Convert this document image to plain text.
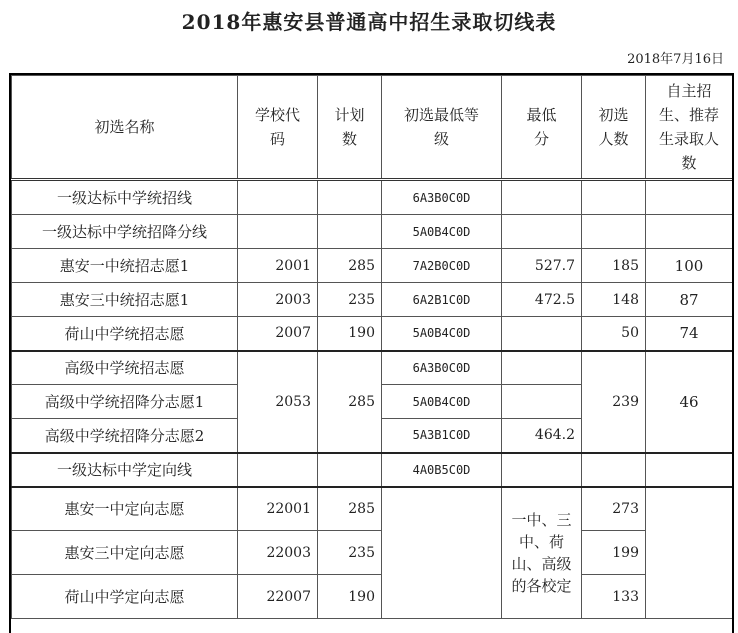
2018年惠安县普通高中招生录取切线表
2018年7月16日
初选名称	学校代码	计划数	初选最低等级	最低分	初选人数	自主招生、推荐生录取人数
一级达标中学统招线			6A3B0C0D			
一级达标中学统招降分线			5A0B4C0D			
惠安一中统招志愿1	2001	285	7A2B0C0D	527.7	185	100
惠安三中统招志愿1	2003	235	6A2B1C0D	472.5	148	87
荷山中学统招志愿	2007	190	5A0B4C0D		50	74
高级中学统招志愿	2053	285	6A3B0C0D		239	46
高级中学统招降分志愿1			5A0B4C0D			
高级中学统招降分志愿2			5A3B1C0D	464.2		
一级达标中学定向线			4A0B5C0D			
惠安一中定向志愿	22001	285		一中、三中、荷山、高级的各校定	273	
惠安三中定向志愿	22003	235			199	
荷山中学定向志愿	22007	190			133	
